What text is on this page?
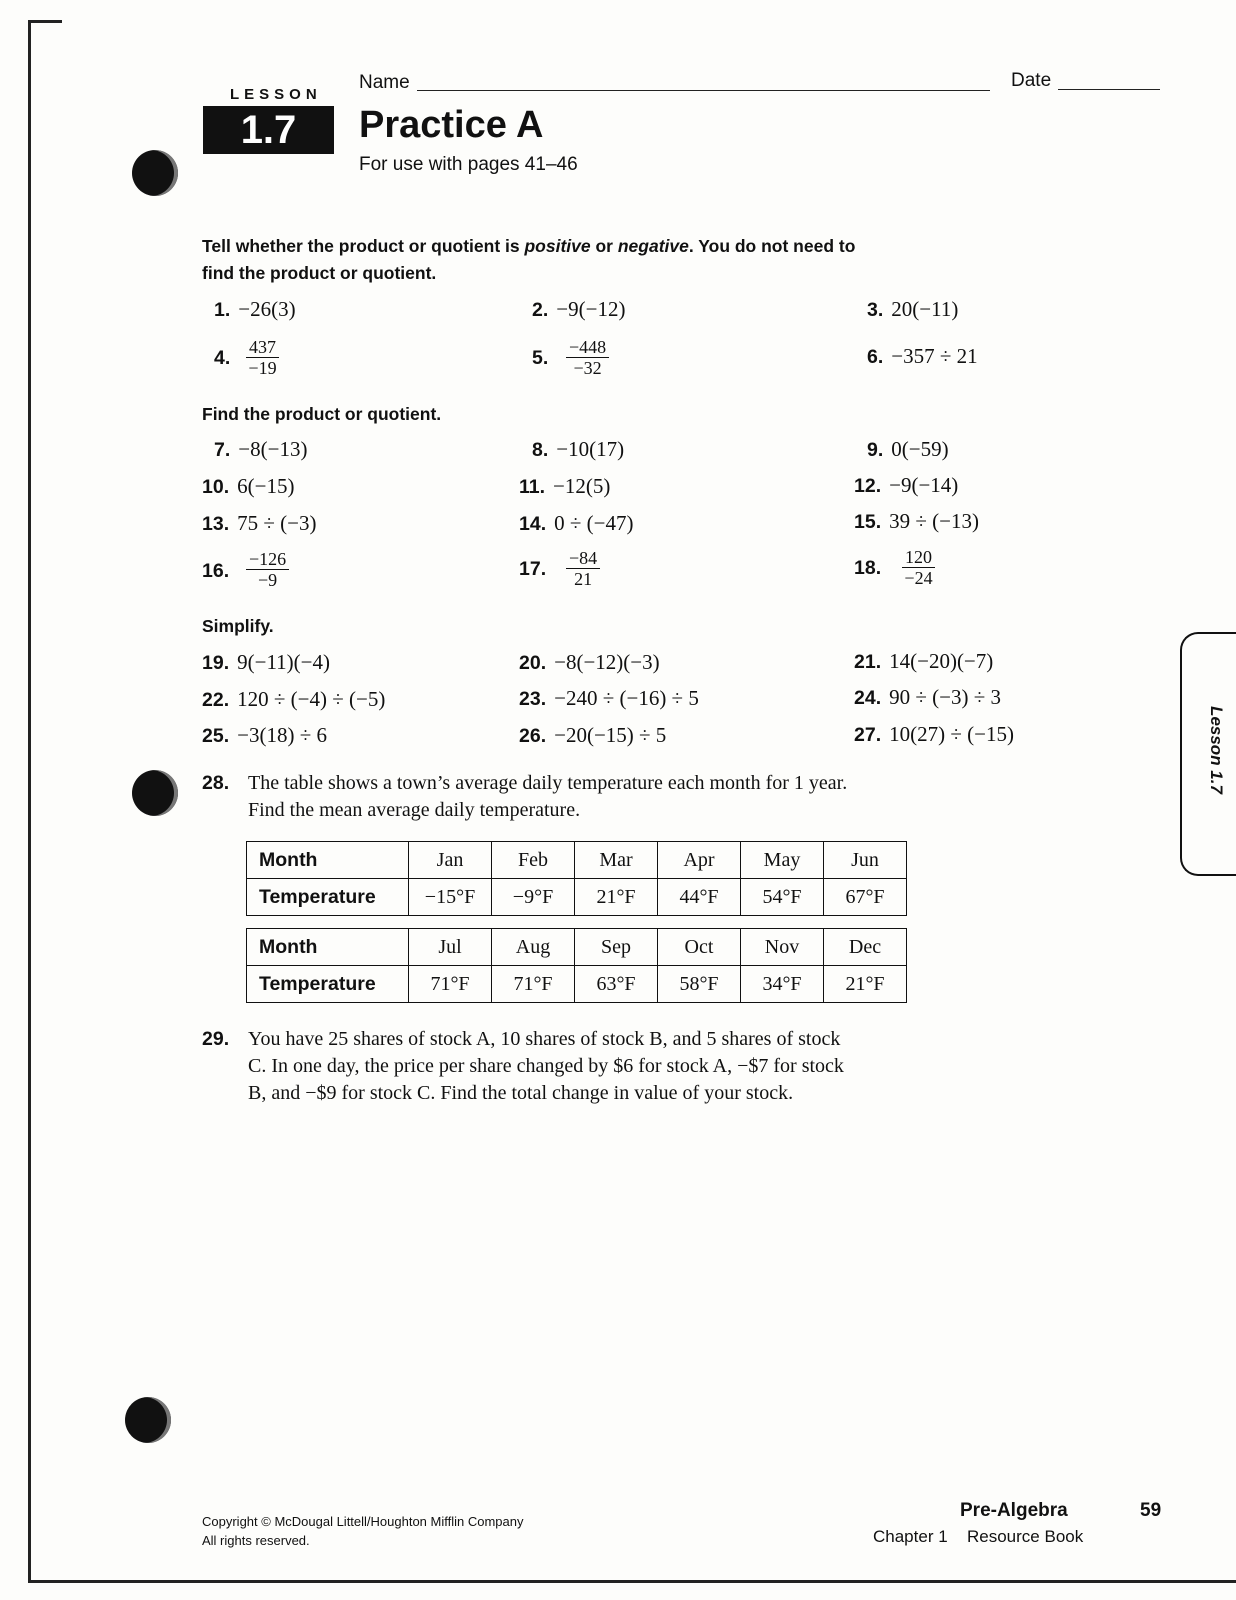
LESSON
1.7
Name	Date
Practice A
For use with pages 41–46
Tell whether the product or quotient is positive or negative. You do not need to
find the product or quotient.
1. −26(3)	2. −9(−12)	3. 20(−11)
4. $\frac{437}{-19}$	5. $\frac{-448}{-32}$	6. −357 ÷ 21
Find the product or quotient.
7. −8(−13)	8. −10(17)	9. 0(−59)
10. 6(−15)	11. −12(5)	12. −9(−14)
13. 75 ÷ (−3)	14. 0 ÷ (−47)	15. 39 ÷ (−13)
16. $\frac{-126}{-9}$	17.	$\frac{-84}{21}$	18.	$\frac{120}{-24}$
Simplify.
19. 9(−11)(−4)	20. −8(−12)(−3)	21. 14(−20)(−7)
22. 120 ÷ (−4) ÷ (−5)	23. −240 ÷ (−16) ÷ 5	24. 90 ÷ (−3) ÷ 3
25. −3(18) ÷ 6	26. −20(−15) ÷ 5	27. 10(27) ÷ (−15)
28. The table shows a town’s average daily temperature each month for 1 year.
Find the mean average daily temperature.
Month	Jan	Feb	Mar	Apr	May	Jun
Temperature	−15°F	−9°F	21°F	44°F	54°F	67°F
Month	Jul	Aug	Sep	Oct	Nov	Dec
Temperature	71°F	71°F	63°F	58°F	34°F	21°F
29. You have 25 shares of stock A, 10 shares of stock B, and 5 shares of stock
C. In one day, the price per share changed by $6 for stock A, −$7 for stock
B, and −$9 for stock C. Find the total change in value of your stock.
Lesson 1.7
Copyright © McDougal Littell/Houghton Mifflin Company
All rights reserved.
Pre-Algebra
Chapter 1 Resource Book
59
